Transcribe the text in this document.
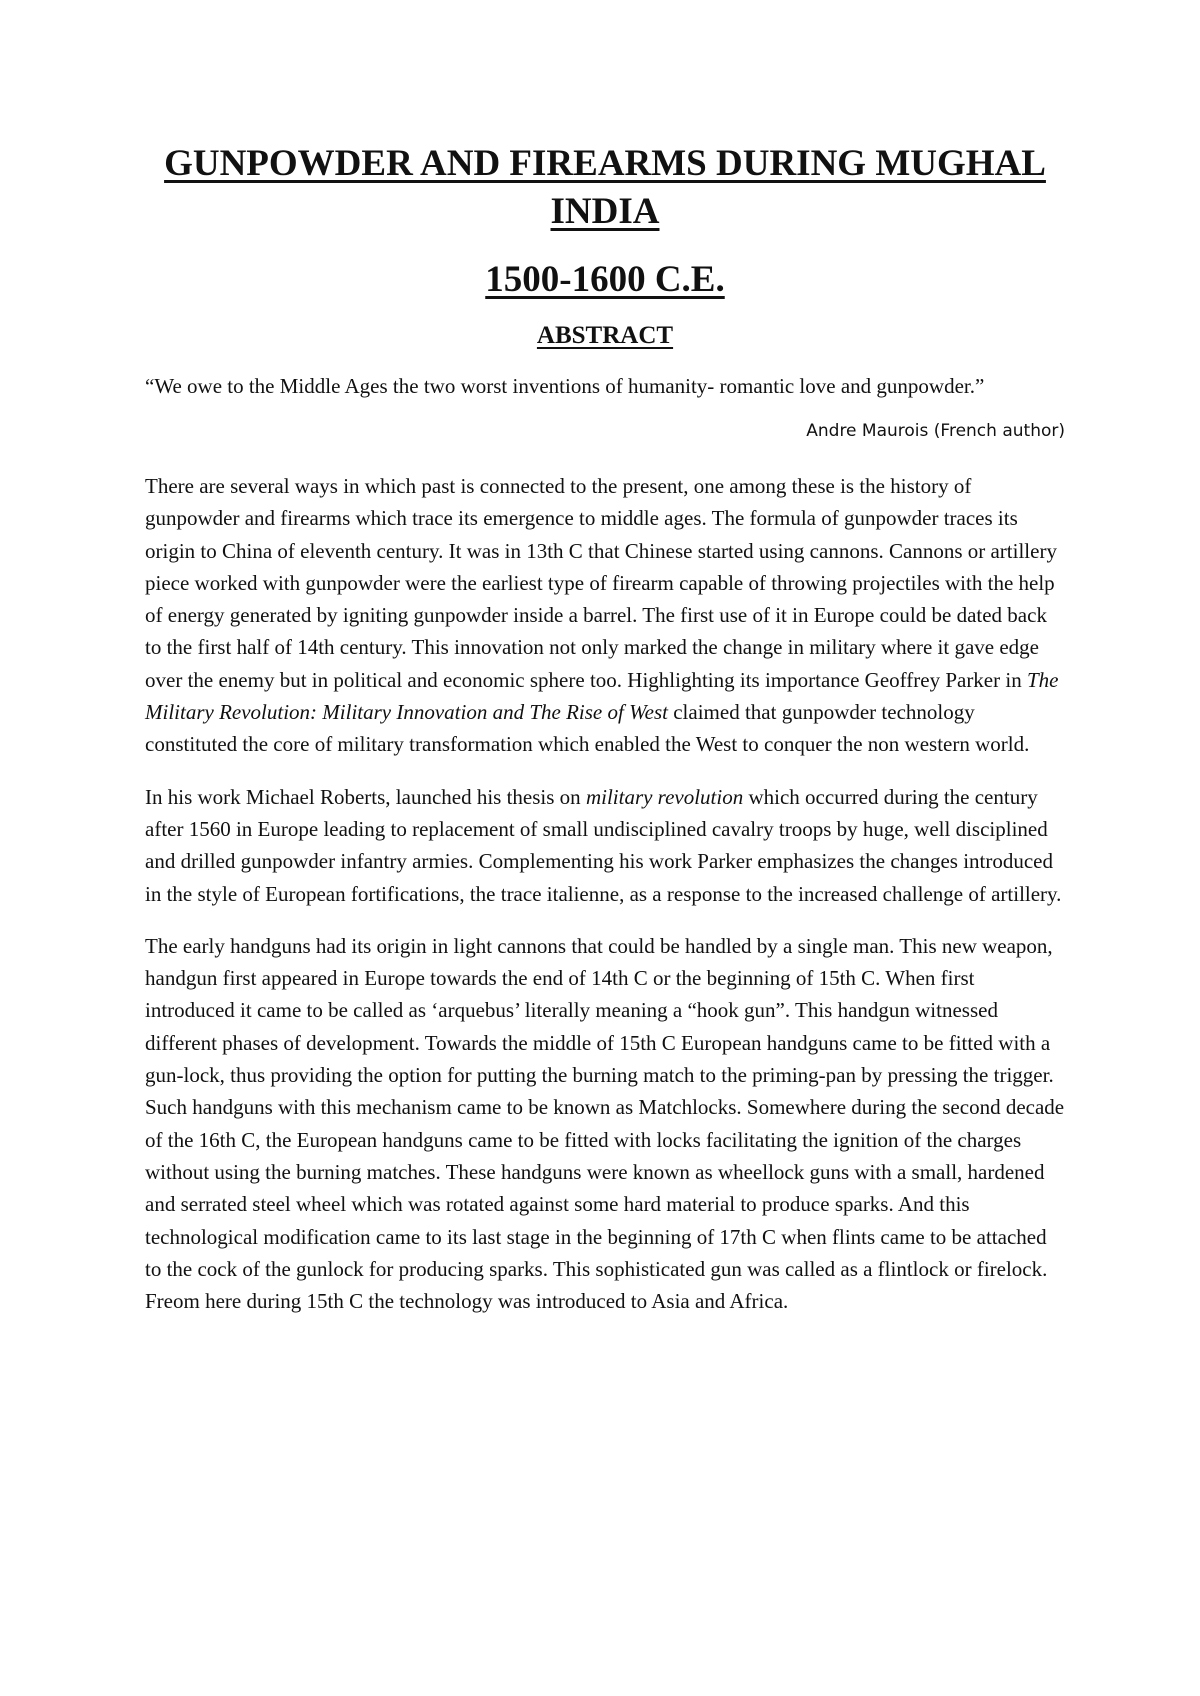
GUNPOWDER AND FIREARMS DURING MUGHAL INDIA
1500-1600 C.E.
ABSTRACT

“We owe to the Middle Ages the two worst inventions of humanity- romantic love and gunpowder.”

Andre Maurois (French author)

There are several ways in which past is connected to the present, one among these is the history of gunpowder and firearms which trace its emergence to middle ages. The formula of gunpowder traces its origin to China of eleventh century. It was in 13th C that Chinese started using cannons. Cannons or artillery piece worked with gunpowder were the earliest type of firearm capable of throwing projectiles with the help of energy generated by igniting gunpowder inside a barrel. The first use of it in Europe could be dated back to the first half of 14th century. This innovation not only marked the change in military where it gave edge over the enemy but in political and economic sphere too. Highlighting its importance Geoffrey Parker in The Military Revolution: Military Innovation and The Rise of West claimed that gunpowder technology constituted the core of military transformation which enabled the West to conquer the non western world.

In his work Michael Roberts, launched his thesis on military revolution which occurred during the century after 1560 in Europe leading to replacement of small undisciplined cavalry troops by huge, well disciplined and drilled gunpowder infantry armies. Complementing his work Parker emphasizes the changes introduced in the style of European fortifications, the trace italienne, as a response to the increased challenge of artillery.

The early handguns had its origin in light cannons that could be handled by a single man. This new weapon, handgun first appeared in Europe towards the end of 14th C or the beginning of 15th C. When first introduced it came to be called as ‘arquebus’ literally meaning a “hook gun”. This handgun witnessed different phases of development. Towards the middle of 15th C European handguns came to be fitted with a gun-lock, thus providing the option for putting the burning match to the priming-pan by pressing the trigger. Such handguns with this mechanism came to be known as Matchlocks. Somewhere during the second decade of the 16th C, the European handguns came to be fitted with locks facilitating the ignition of the charges without using the burning matches. These handguns were known as wheellock guns with a small, hardened and serrated steel wheel which was rotated against some hard material to produce sparks. And this technological modification came to its last stage in the beginning of 17th C when flints came to be attached to the cock of the gunlock for producing sparks. This sophisticated gun was called as a flintlock or firelock. Freom here during 15th C the technology was introduced to Asia and Africa.
